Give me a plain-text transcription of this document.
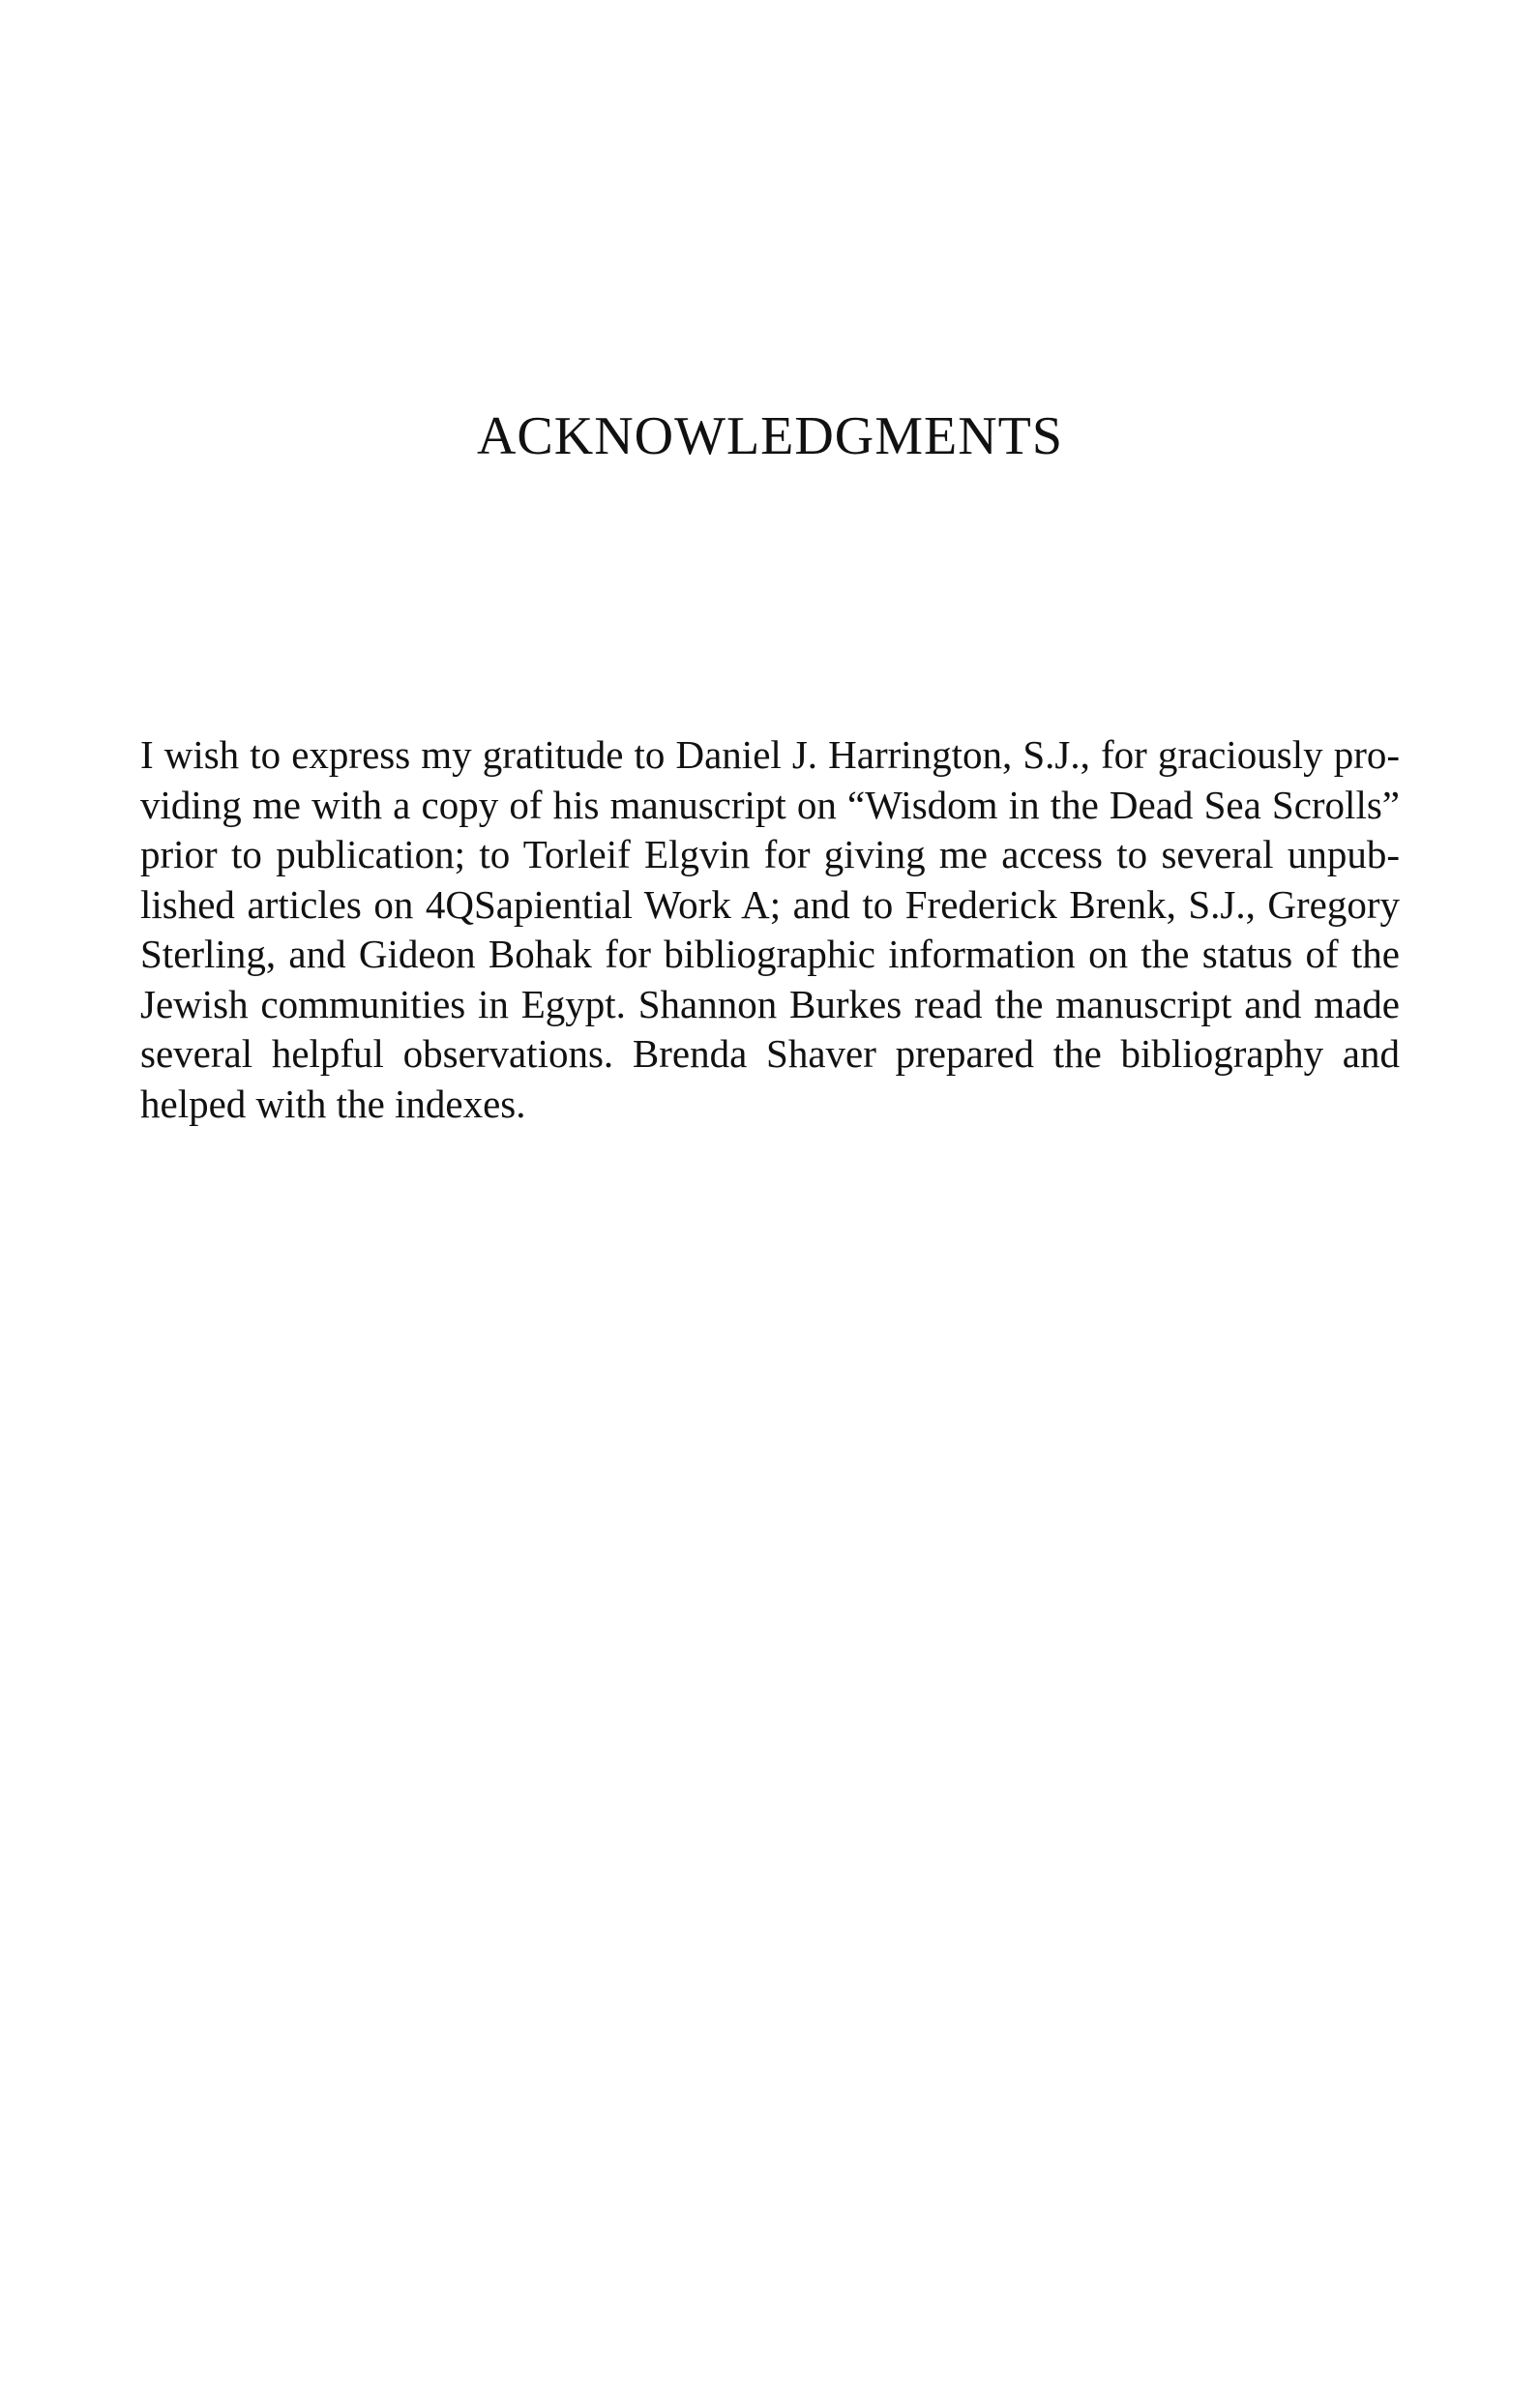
ACKNOWLEDGMENTS

I wish to express my gratitude to Daniel J. Harrington, S.J., for graciously providing me with a copy of his manuscript on “Wisdom in the Dead Sea Scrolls” prior to publication; to Torleif Elgvin for giving me access to several unpublished articles on 4QSapiential Work A; and to Frederick Brenk, S.J., Gregory Sterling, and Gideon Bohak for bibliographic information on the status of the Jewish communities in Egypt. Shannon Burkes read the manuscript and made several helpful observations. Brenda Shaver prepared the bibliography and helped with the indexes.
